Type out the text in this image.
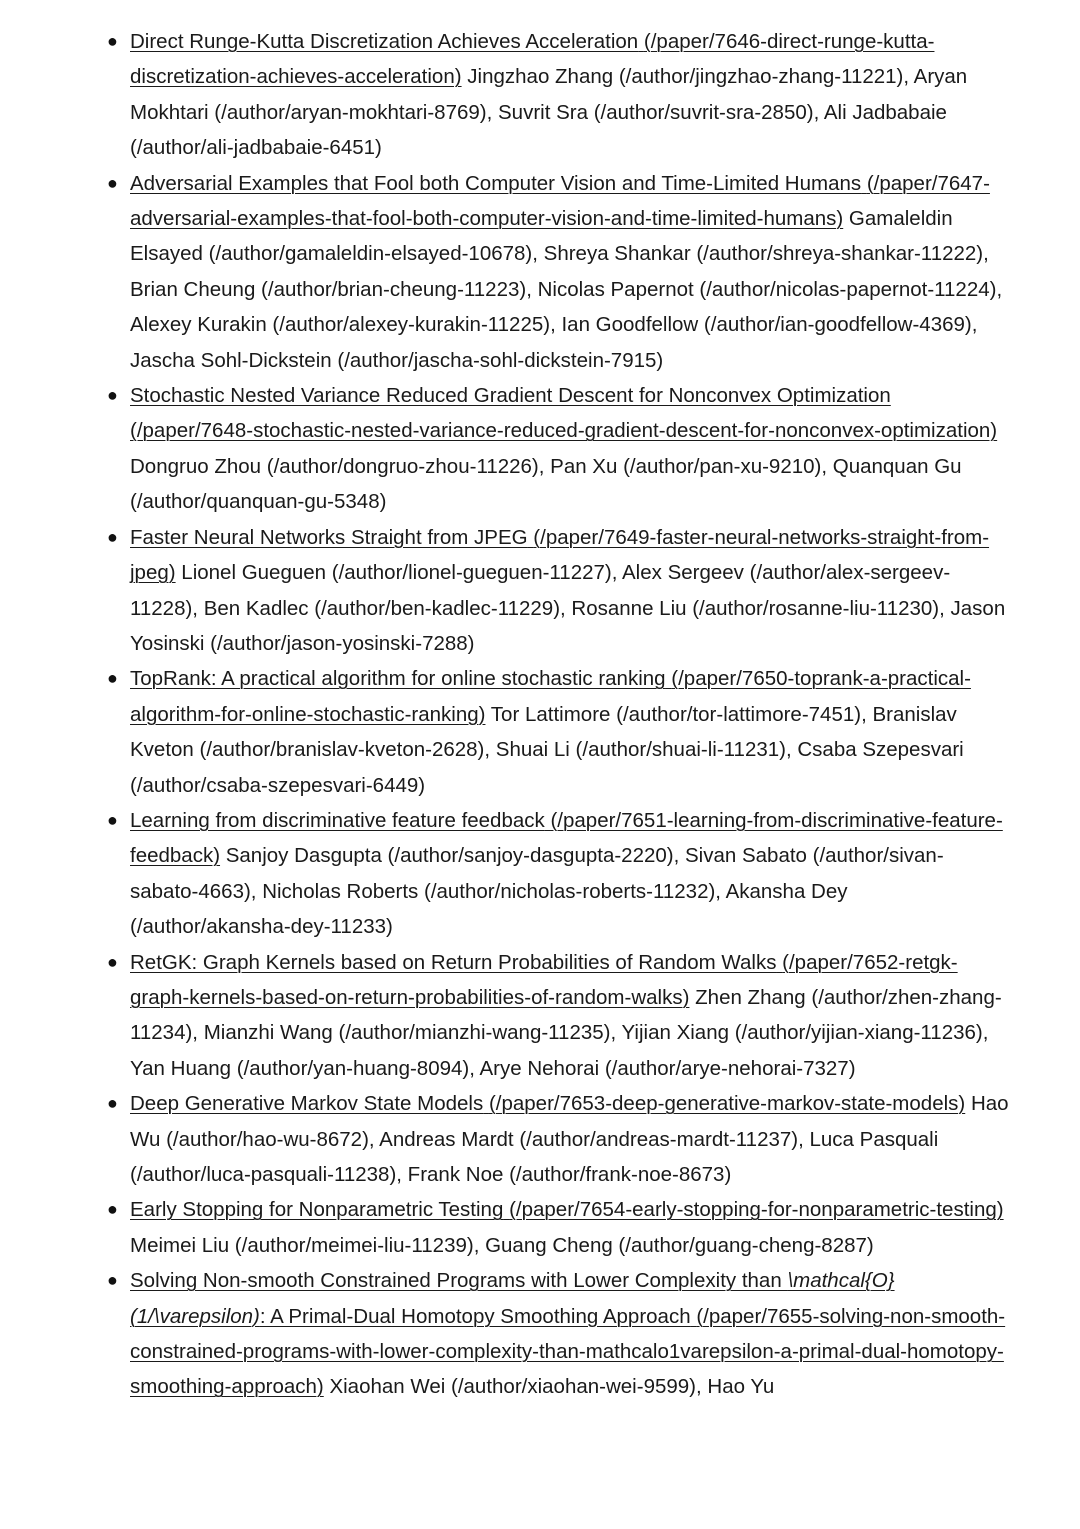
● Direct Runge-Kutta Discretization Achieves Acceleration (/paper/7646-direct-runge-kutta-discretization-achieves-acceleration) Jingzhao Zhang (/author/jingzhao-zhang-11221), Aryan Mokhtari (/author/aryan-mokhtari-8769), Suvrit Sra (/author/suvrit-sra-2850), Ali Jadbabaie (/author/ali-jadbabaie-6451)
● Adversarial Examples that Fool both Computer Vision and Time-Limited Humans (/paper/7647-adversarial-examples-that-fool-both-computer-vision-and-time-limited-humans) Gamaleldin Elsayed (/author/gamaleldin-elsayed-10678), Shreya Shankar (/author/shreya-shankar-11222), Brian Cheung (/author/brian-cheung-11223), Nicolas Papernot (/author/nicolas-papernot-11224), Alexey Kurakin (/author/alexey-kurakin-11225), Ian Goodfellow (/author/ian-goodfellow-4369), Jascha Sohl-Dickstein (/author/jascha-sohl-dickstein-7915)
● Stochastic Nested Variance Reduced Gradient Descent for Nonconvex Optimization (/paper/7648-stochastic-nested-variance-reduced-gradient-descent-for-nonconvex-optimization) Dongruo Zhou (/author/dongruo-zhou-11226), Pan Xu (/author/pan-xu-9210), Quanquan Gu (/author/quanquan-gu-5348)
● Faster Neural Networks Straight from JPEG (/paper/7649-faster-neural-networks-straight-from-jpeg) Lionel Gueguen (/author/lionel-gueguen-11227), Alex Sergeev (/author/alex-sergeev-11228), Ben Kadlec (/author/ben-kadlec-11229), Rosanne Liu (/author/rosanne-liu-11230), Jason Yosinski (/author/jason-yosinski-7288)
● TopRank: A practical algorithm for online stochastic ranking (/paper/7650-toprank-a-practical-algorithm-for-online-stochastic-ranking) Tor Lattimore (/author/tor-lattimore-7451), Branislav Kveton (/author/branislav-kveton-2628), Shuai Li (/author/shuai-li-11231), Csaba Szepesvari (/author/csaba-szepesvari-6449)
● Learning from discriminative feature feedback (/paper/7651-learning-from-discriminative-feature-feedback) Sanjoy Dasgupta (/author/sanjoy-dasgupta-2220), Sivan Sabato (/author/sivan-sabato-4663), Nicholas Roberts (/author/nicholas-roberts-11232), Akansha Dey (/author/akansha-dey-11233)
● RetGK: Graph Kernels based on Return Probabilities of Random Walks (/paper/7652-retgk-graph-kernels-based-on-return-probabilities-of-random-walks) Zhen Zhang (/author/zhen-zhang-11234), Mianzhi Wang (/author/mianzhi-wang-11235), Yijian Xiang (/author/yijian-xiang-11236), Yan Huang (/author/yan-huang-8094), Arye Nehorai (/author/arye-nehorai-7327)
● Deep Generative Markov State Models (/paper/7653-deep-generative-markov-state-models) Hao Wu (/author/hao-wu-8672), Andreas Mardt (/author/andreas-mardt-11237), Luca Pasquali (/author/luca-pasquali-11238), Frank Noe (/author/frank-noe-8673)
● Early Stopping for Nonparametric Testing (/paper/7654-early-stopping-for-nonparametric-testing) Meimei Liu (/author/meimei-liu-11239), Guang Cheng (/author/guang-cheng-8287)
● Solving Non-smooth Constrained Programs with Lower Complexity than \mathcal{O}(1/\varepsilon): A Primal-Dual Homotopy Smoothing Approach (/paper/7655-solving-non-smooth-constrained-programs-with-lower-complexity-than-mathcalo1varepsilon-a-primal-dual-homotopy-smoothing-approach) Xiaohan Wei (/author/xiaohan-wei-9599), Hao Yu
